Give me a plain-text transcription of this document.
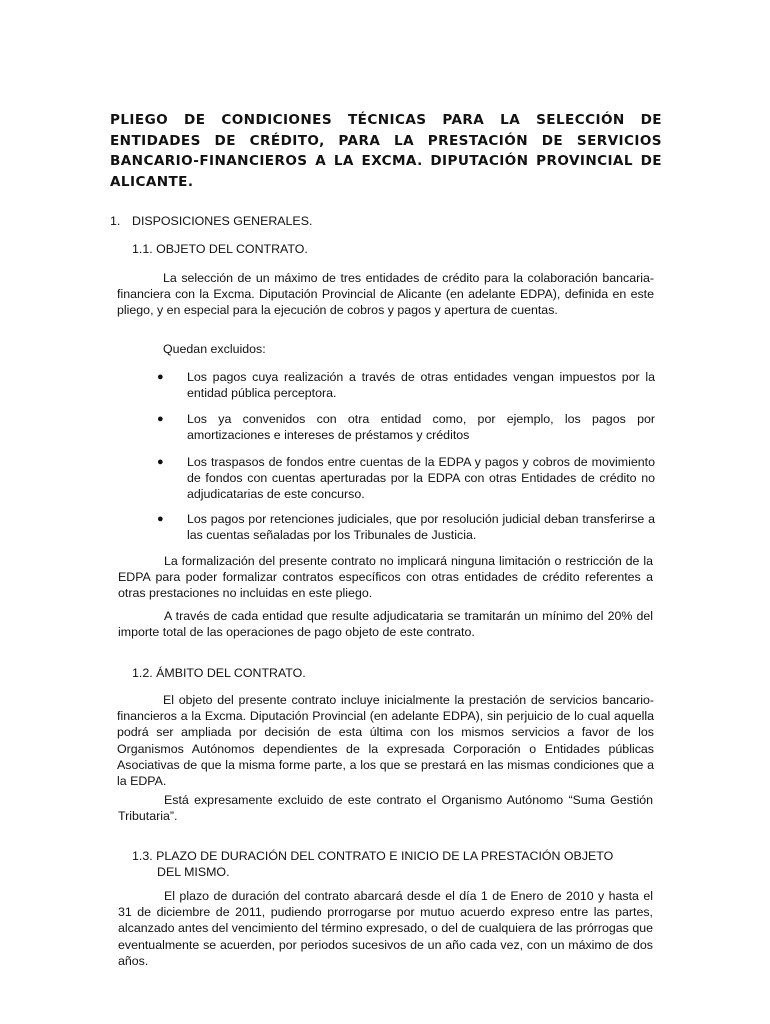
PLIEGO DE CONDICIONES TÉCNICAS PARA LA SELECCIÓN DE ENTIDADES DE CRÉDITO, PARA LA PRESTACIÓN DE SERVICIOS BANCARIO-FINANCIEROS A LA EXCMA. DIPUTACIÓN PROVINCIAL DE ALICANTE.

1. DISPOSICIONES GENERALES.

1.1. OBJETO DEL CONTRATO.

La selección de un máximo de tres entidades de crédito para la colaboración bancaria-financiera con la Excma. Diputación Provincial de Alicante (en adelante EDPA), definida en este pliego, y en especial para la ejecución de cobros y pagos y apertura de cuentas.

Quedan excluidos:

● Los pagos cuya realización a través de otras entidades vengan impuestos por la entidad pública perceptora.
● Los ya convenidos con otra entidad como, por ejemplo, los pagos por amortizaciones e intereses de préstamos y créditos
● Los traspasos de fondos entre cuentas de la EDPA y pagos y cobros de movimiento de fondos con cuentas aperturadas por la EDPA con otras Entidades de crédito no adjudicatarias de este concurso.
● Los pagos por retenciones judiciales, que por resolución judicial deban transferirse a las cuentas señaladas por los Tribunales de Justicia.

La formalización del presente contrato no implicará ninguna limitación o restricción de la EDPA para poder formalizar contratos específicos con otras entidades de crédito referentes a otras prestaciones no incluidas en este pliego.

A través de cada entidad que resulte adjudicataria se tramitarán un mínimo del 20% del importe total de las operaciones de pago objeto de este contrato.

1.2. ÁMBITO DEL CONTRATO.

El objeto del presente contrato incluye inicialmente la prestación de servicios bancario-financieros a la Excma. Diputación Provincial (en adelante EDPA), sin perjuicio de lo cual aquella podrá ser ampliada por decisión de esta última con los mismos servicios a favor de los Organismos Autónomos dependientes de la expresada Corporación o Entidades públicas Asociativas de que la misma forme parte, a los que se prestará en las mismas condiciones que a la EDPA.

Está expresamente excluido de este contrato el Organismo Autónomo “Suma Gestión Tributaria”.

1.3. PLAZO DE DURACIÓN DEL CONTRATO E INICIO DE LA PRESTACIÓN OBJETO

DEL MISMO.

El plazo de duración del contrato abarcará desde el día 1 de Enero de 2010 y hasta el 31 de diciembre de 2011, pudiendo prorrogarse por mutuo acuerdo expreso entre las partes, alcanzado antes del vencimiento del término expresado, o del de cualquiera de las prórrogas que eventualmente se acuerden, por periodos sucesivos de un año cada vez, con un máximo de dos años.
